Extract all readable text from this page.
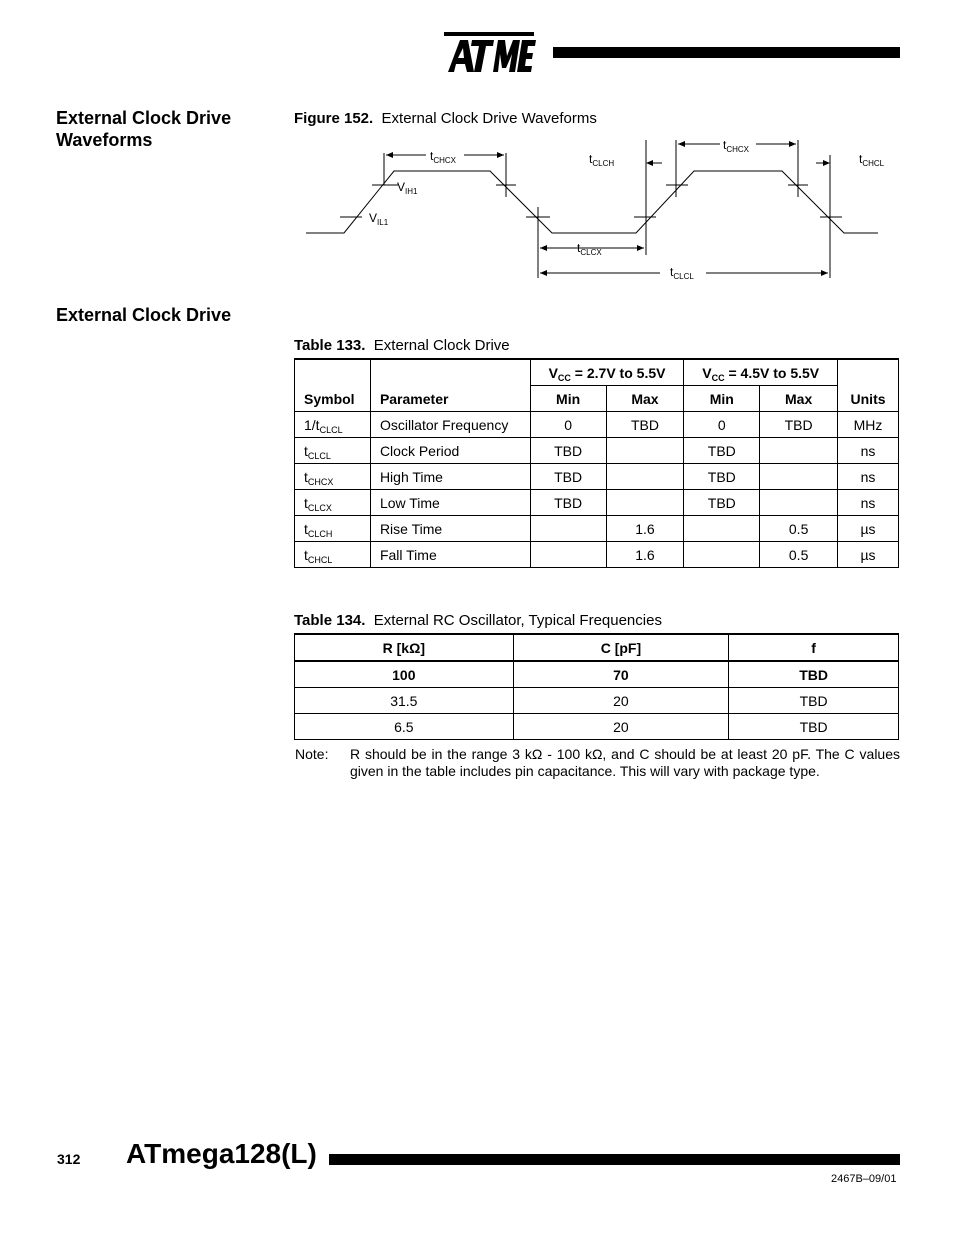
External Clock Drive
Waveforms
External Clock Drive
Figure 152. External Clock Drive Waveforms
$t_{CHCX}$
$V_{IH1}$
$V_{IL1}$
$t_{CLCH}$
$t_{CHCX}$
$t_{CHCL}$
$t_{CLCX}$
$t_{CLCL}$
Table 133. External Clock Drive
Symbol	Parameter	$V_{CC} = 2.7V$ to 5.5V		$V_{CC} = 4.5V$ to 5.5V		Units
		Min	Max	Min	Max	
$1/t_{CLCL}$	Oscillator Frequency	0	TBD	0	TBD	MHz
$t_{CLCL}$	Clock Period	TBD		TBD		ns
$t_{CHCX}$	High Time	TBD		TBD		ns
$t_{CLCX}$	Low Time	TBD		TBD		ns
$t_{CLCH}$	Rise Time		1.6		0.5	µs
$t_{CHCL}$	Fall Time		1.6		0.5	µs
Table 134. External RC Oscillator, Typical Frequencies
R [kΩ]	C [pF]	f
100	70	TBD
31.5	20	TBD
6.5	20	TBD
Note: R should be in the range 3 kΩ - 100 kΩ, and C should be at least 20 pF. The C values given in the table includes pin capacitance. This will vary with package type.
312 ATmega128(L)
2467B–09/01
